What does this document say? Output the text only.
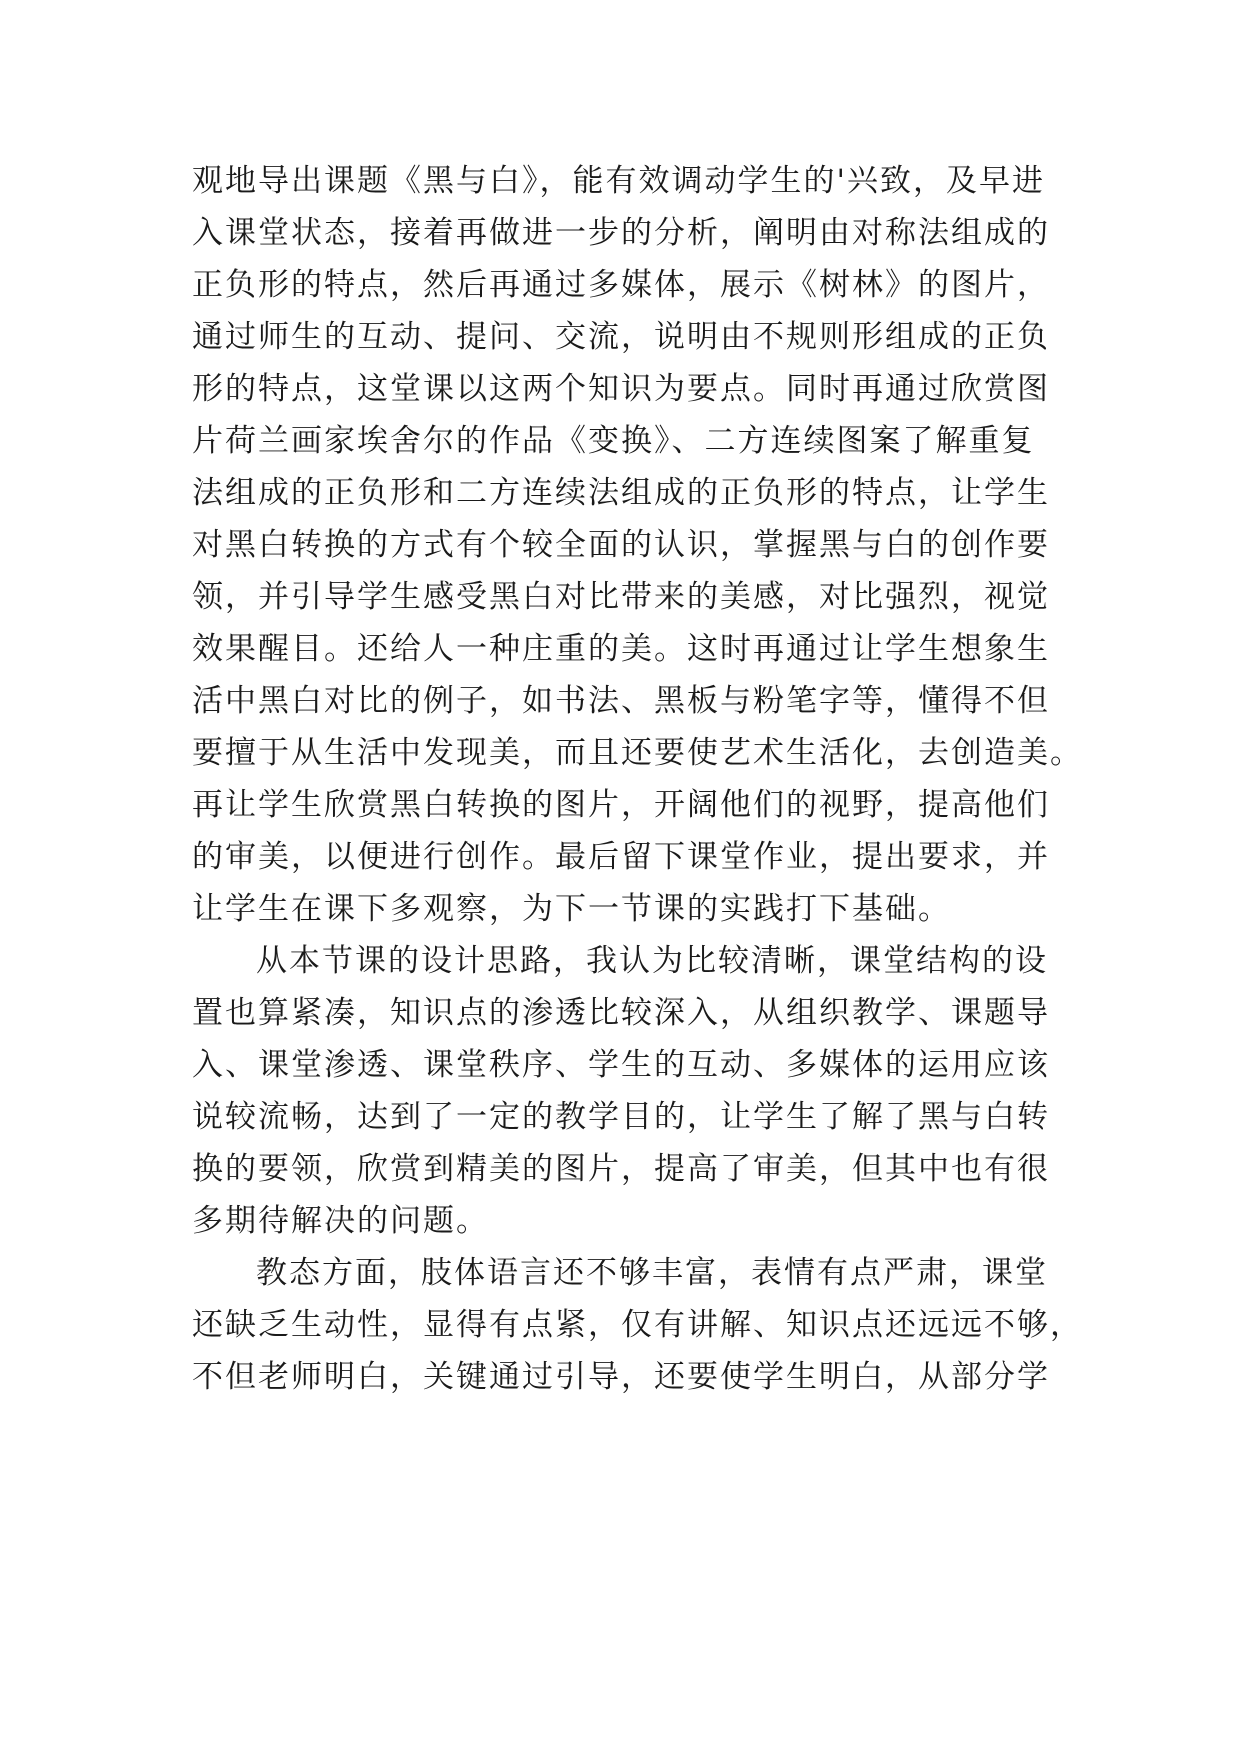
观地导出课题《黑与白》，能有效调动学生的'兴致，及早进
入课堂状态，接着再做进一步的分析，阐明由对称法组成的
正负形的特点，然后再通过多媒体，展示《树林》的图片，
通过师生的互动、提问、交流，说明由不规则形组成的正负
形的特点，这堂课以这两个知识为要点。同时再通过欣赏图
片荷兰画家埃舍尔的作品《变换》、二方连续图案了解重复
法组成的正负形和二方连续法组成的正负形的特点，让学生
对黑白转换的方式有个较全面的认识，掌握黑与白的创作要
领，并引导学生感受黑白对比带来的美感，对比强烈，视觉
效果醒目。还给人一种庄重的美。这时再通过让学生想象生
活中黑白对比的例子，如书法、黑板与粉笔字等，懂得不但
要擅于从生活中发现美，而且还要使艺术生活化，去创造美。
再让学生欣赏黑白转换的图片，开阔他们的视野，提高他们
的审美，以便进行创作。最后留下课堂作业，提出要求，并
让学生在课下多观察，为下一节课的实践打下基础。
从本节课的设计思路，我认为比较清晰，课堂结构的设
置也算紧凑，知识点的渗透比较深入，从组织教学、课题导
入、课堂渗透、课堂秩序、学生的互动、多媒体的运用应该
说较流畅，达到了一定的教学目的，让学生了解了黑与白转
换的要领，欣赏到精美的图片，提高了审美，但其中也有很
多期待解决的问题。
教态方面，肢体语言还不够丰富，表情有点严肃，课堂
还缺乏生动性，显得有点紧，仅有讲解、知识点还远远不够，
不但老师明白，关键通过引导，还要使学生明白，从部分学
